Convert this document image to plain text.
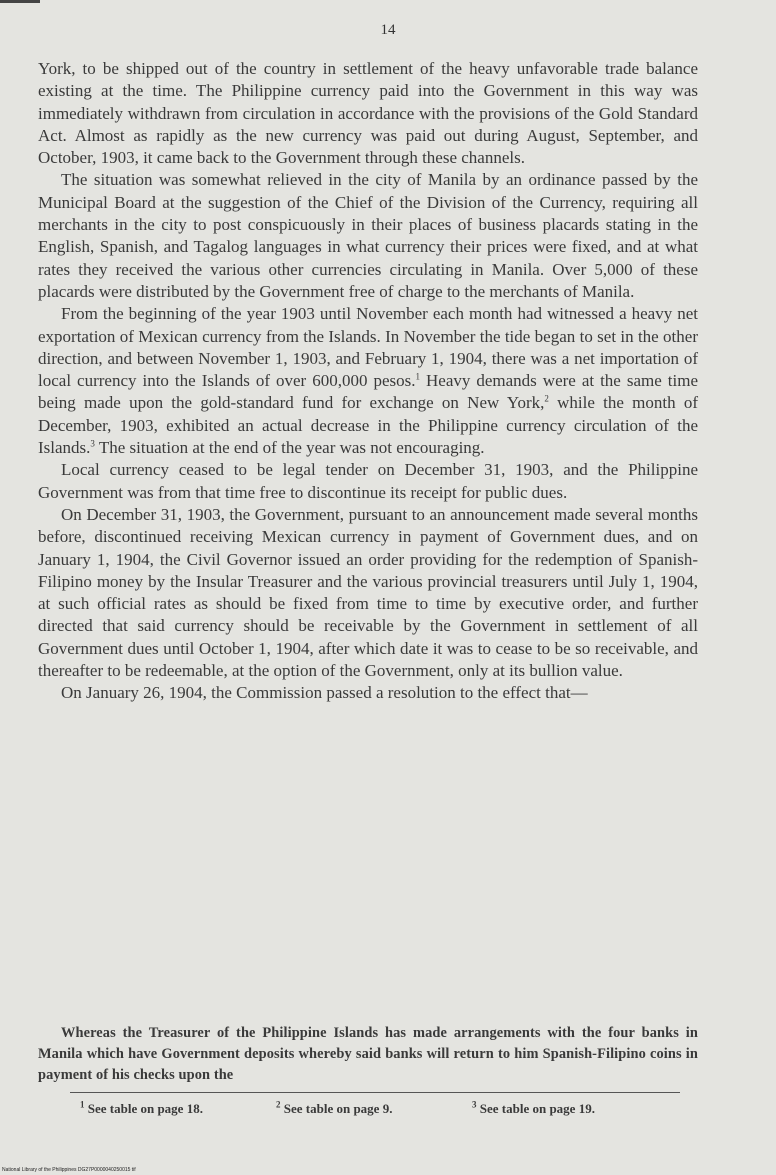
14

York, to be shipped out of the country in settlement of the heavy unfavorable trade balance existing at the time. The Philippine currency paid into the Government in this way was immediately withdrawn from circulation in accordance with the provisions of the Gold Standard Act. Almost as rapidly as the new currency was paid out during August, September, and October, 1903, it came back to the Government through these channels.

The situation was somewhat relieved in the city of Manila by an ordinance passed by the Municipal Board at the suggestion of the Chief of the Division of the Currency, requiring all merchants in the city to post conspicuously in their places of business placards stating in the English, Spanish, and Tagalog languages in what currency their prices were fixed, and at what rates they received the various other currencies circulating in Manila. Over 5,000 of these placards were distributed by the Government free of charge to the merchants of Manila.

From the beginning of the year 1903 until November each month had witnessed a heavy net exportation of Mexican currency from the Islands. In November the tide began to set in the other direction, and between November 1, 1903, and February 1, 1904, there was a net importation of local currency into the Islands of over 600,000 pesos.$^1$ Heavy demands were at the same time being made upon the gold-standard fund for exchange on New York,$^2$ while the month of December, 1903, exhibited an actual decrease in the Philippine currency circulation of the Islands.$^3$ The situation at the end of the year was not encouraging.

Local currency ceased to be legal tender on December 31, 1903, and the Philippine Government was from that time free to discontinue its receipt for public dues.

On December 31, 1903, the Government, pursuant to an announcement made several months before, discontinued receiving Mexican currency in payment of Government dues, and on January 1, 1904, the Civil Governor issued an order providing for the redemption of Spanish-Filipino money by the Insular Treasurer and the various provincial treasurers until July 1, 1904, at such official rates as should be fixed from time to time by executive order, and further directed that said currency should be receivable by the Government in settlement of all Government dues until October 1, 1904, after which date it was to cease to be so receivable, and thereafter to be redeemable, at the option of the Government, only at its bullion value.

On January 26, 1904, the Commission passed a resolution to the effect that—

Whereas the Treasurer of the Philippine Islands has made arrangements with the four banks in Manila which have Government deposits whereby said banks will return to him Spanish-Filipino coins in payment of his checks upon the
$^1$ See table on page 18.	$^2$ See table on page 9.	$^3$ See table on page 19.
National Library of the Philippines DG27P0000040250015 tif
